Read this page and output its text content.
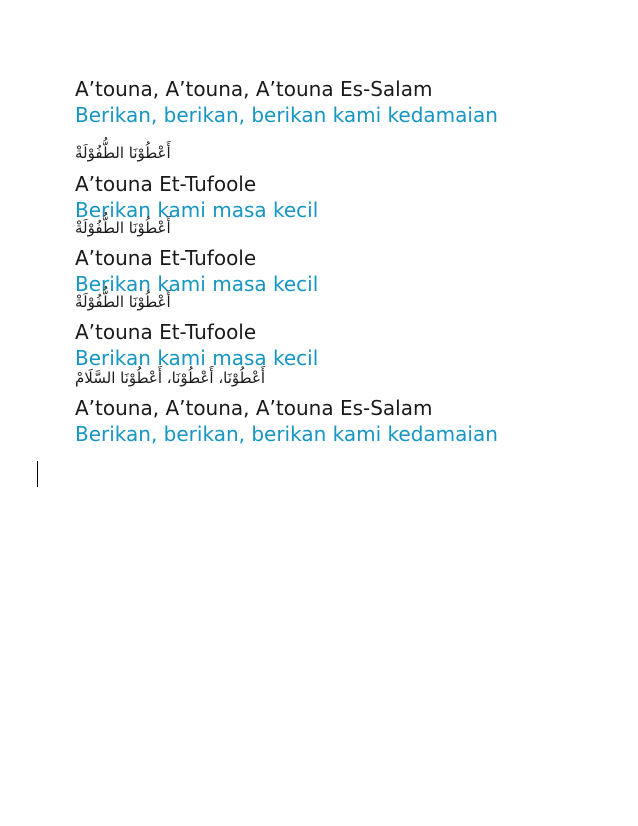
A’touna, A’touna, A’touna Es-Salam
Berikan, berikan, berikan kami kedamaian
أَعْطُوْنَا الطُّفُوْلَةْ
A’touna Et-Tufoole
Berikan kami masa kecil
أَعْطُوْنَا الطُّفُوْلَةْ
A’touna Et-Tufoole
Berikan kami masa kecil
أَعْطُوْنَا الطُّفُوْلَةْ
A’touna Et-Tufoole
Berikan kami masa kecil
أَعْطُوْنَا، أَعْطُوْنَا، أَعْطُوْنَا السَّلَامْ
A’touna, A’touna, A’touna Es-Salam
Berikan, berikan, berikan kami kedamaian
